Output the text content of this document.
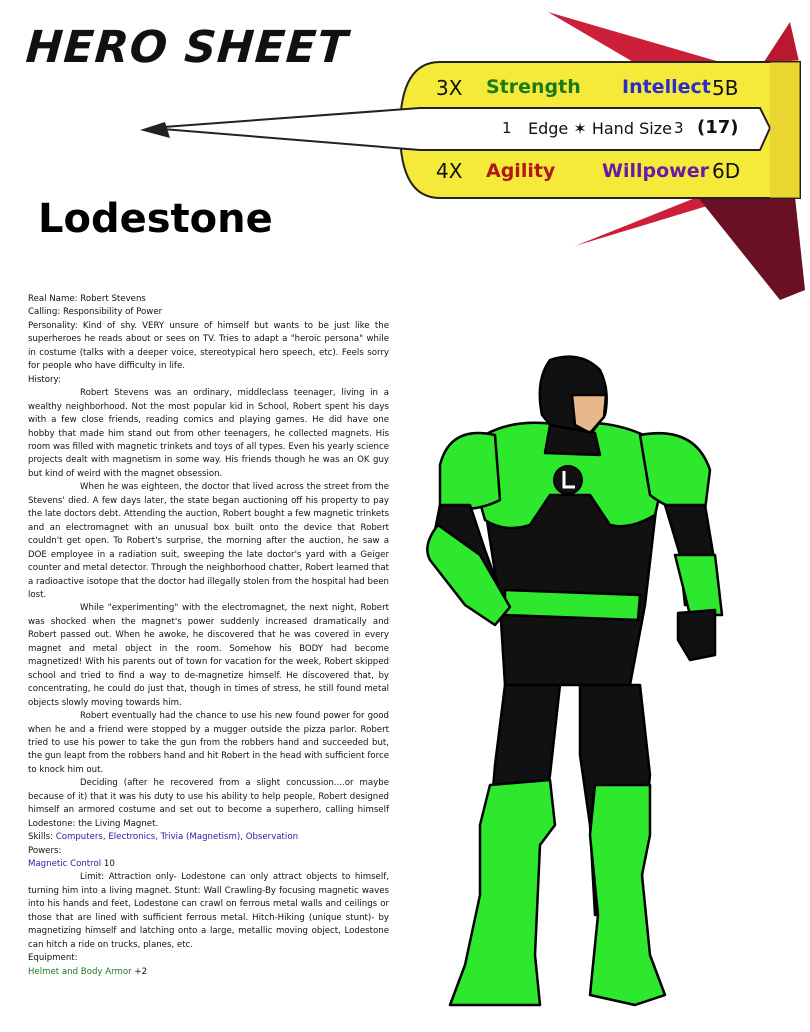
HERO SHEET
3X Strength Intellect 5B
1 Edge ✶ Hand Size 3 (17)
4X Agility Willpower 6D
Lodestone

Real Name: Robert Stevens

Calling: Responsibility of Power

Personality: Kind of shy. VERY unsure of himself but wants to be just like the superheroes he reads about or sees on TV. Tries to adapt a "heroic persona" while in costume (talks with a deeper voice, stereotypical hero speech, etc). Feels sorry for people who have difficulty in life.

History:

Robert Stevens was an ordinary, middleclass teenager, living in a wealthy neighborhood. Not the most popular kid in School, Robert spent his days with a few close friends, reading comics and playing games. He did have one hobby that made him stand out from other teenagers, he collected magnets. His room was filled with magnetic trinkets and toys of all types. Even his yearly science projects dealt with magnetism in some way. His friends though he was an OK guy but kind of weird with the magnet obsession.

When he was eighteen, the doctor that lived across the street from the Stevens' died. A few days later, the state began auctioning off his property to pay the late doctors debt. Attending the auction, Robert bought a few magnetic trinkets and an electromagnet with an unusual box built onto the device that Robert couldn't get open. To Robert's surprise, the morning after the auction, he saw a DOE employee in a radiation suit, sweeping the late doctor's yard with a Geiger counter and metal detector. Through the neighborhood chatter, Robert learned that a radioactive isotope that the doctor had illegally stolen from the hospital had been lost.

While "experimenting" with the electromagnet, the next night, Robert was shocked when the magnet's power suddenly increased dramatically and Robert passed out. When he awoke, he discovered that he was covered in every magnet and metal object in the room. Somehow his BODY had become magnetized! With his parents out of town for vacation for the week, Robert skipped school and tried to find a way to de-magnetize himself. He discovered that, by concentrating, he could do just that, though in times of stress, he still found metal objects slowly moving towards him.

Robert eventually had the chance to use his new found power for good when he and a friend were stopped by a mugger outside the pizza parlor. Robert tried to use his power to take the gun from the robbers hand and succeeded but, the gun leapt from the robbers hand and hit Robert in the head with sufficient force to knock him out.

Deciding (after he recovered from a slight concussion....or maybe because of it) that it was his duty to use his ability to help people, Robert designed himself an armored costume and set out to become a superhero, calling himself Lodestone: the Living Magnet.

Skills: Computers, Electronics, Trivia (Magnetism), Observation

Powers:

Magnetic Control 10

Limit: Attraction only- Lodestone can only attract objects to himself, turning him into a living magnet. Stunt: Wall Crawling-By focusing magnetic waves into his hands and feet, Lodestone can crawl on ferrous metal walls and ceilings or those that are lined with sufficient ferrous metal. Hitch-Hiking (unique stunt)- by magnetizing himself and latching onto a large, metallic moving object, Lodestone can hitch a ride on trucks, planes, etc.

Equipment:

Helmet and Body Armor +2
